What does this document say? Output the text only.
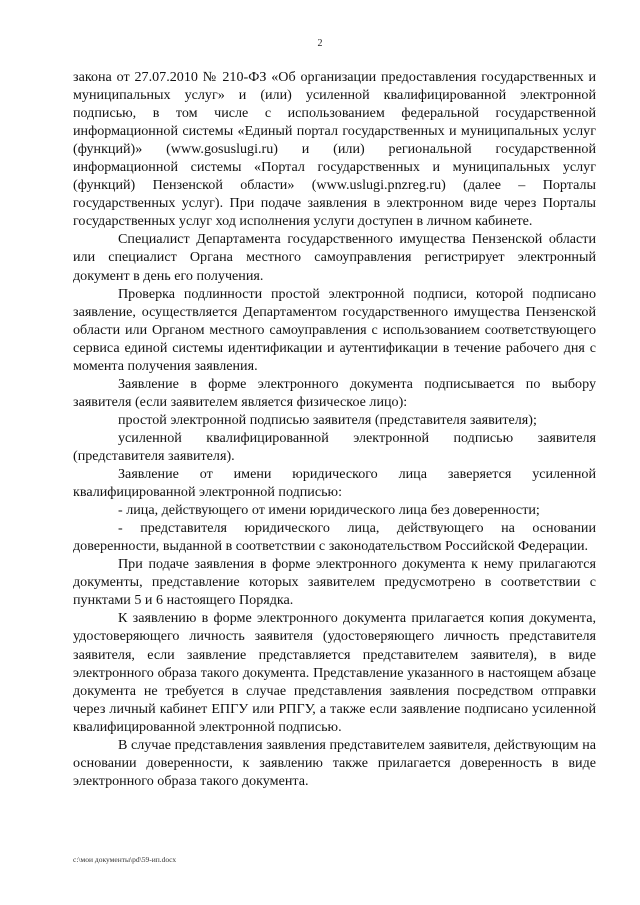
2

закона от 27.07.2010 № 210-ФЗ «Об организации предоставления государственных и муниципальных услуг» и (или) усиленной квалифицированной электронной подписью, в том числе с использованием федеральной государственной информационной системы «Единый портал государственных и муниципальных услуг (функций)» (www.gosuslugi.ru) и (или) региональной государственной информационной системы «Портал государственных и муниципальных услуг (функций) Пензенской области» (www.uslugi.pnzreg.ru) (далее – Порталы государственных услуг). При подаче заявления в электронном виде через Порталы государственных услуг ход исполнения услуги доступен в личном кабинете.

Специалист Департамента государственного имущества Пензенской области или специалист Органа местного самоуправления регистрирует электронный документ в день его получения.

Проверка подлинности простой электронной подписи, которой подписано заявление, осуществляется Департаментом государственного имущества Пензенской области или Органом местного самоуправления с использованием соответствующего сервиса единой системы идентификации и аутентификации в течение рабочего дня с момента получения заявления.

Заявление в форме электронного документа подписывается по выбору заявителя (если заявителем является физическое лицо):

простой электронной подписью заявителя (представителя заявителя);

усиленной квалифицированной электронной подписью заявителя (представителя заявителя).

Заявление от имени юридического лица заверяется усиленной квалифицированной электронной подписью:

- лица, действующего от имени юридического лица без доверенности;

- представителя юридического лица, действующего на основании доверенности, выданной в соответствии с законодательством Российской Федерации.

При подаче заявления в форме электронного документа к нему прилагаются документы, представление которых заявителем предусмотрено в соответствии с пунктами 5 и 6 настоящего Порядка.

К заявлению в форме электронного документа прилагается копия документа, удостоверяющего личность заявителя (удостоверяющего личность представителя заявителя, если заявление представляется представителем заявителя), в виде электронного образа такого документа. Представление указанного в настоящем абзаце документа не требуется в случае представления заявления посредством отправки через личный кабинет ЕПГУ или РПГУ, а также если заявление подписано усиленной квалифицированной электронной подписью.

В случае представления заявления представителем заявителя, действующим на основании доверенности, к заявлению также прилагается доверенность в виде электронного образа такого документа.

c:\мои документы\pd\59-ип.docx
